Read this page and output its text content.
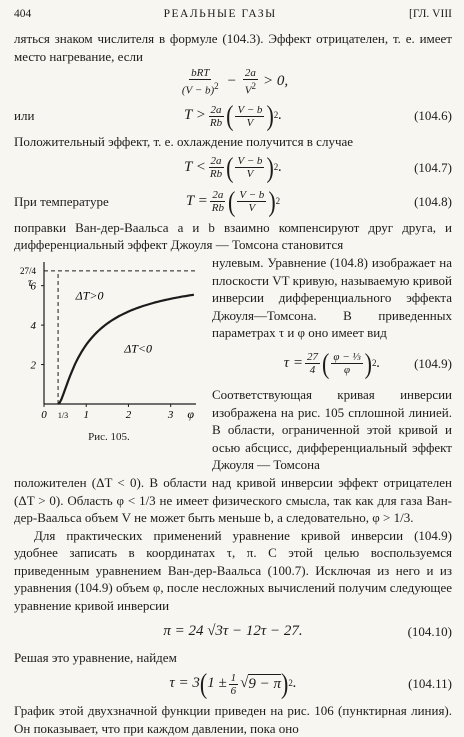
404	РЕАЛЬНЫЕ ГАЗЫ	[ГЛ. VIII

ляться знаком числителя в формуле (104.3). Эффект отрицателен, т. е. имеет место нагревание, если

$\frac{\text{bRT}}{(V - b)^2} - \frac{2a}{V^2} > 0$,
или	$T > \frac{2a}{Rb}$ ( $\frac{V - b}{V}$ ) 2 .	(104.6)

Положительный эффект, т. е. охлаждение получится в случае

$T < \frac{2a}{Rb}$ ( $\frac{V - b}{V}$ ) 2 .	(104.7)
При температуре	$T = \frac{2a}{Rb}$ ( $\frac{V - b}{V}$ ) 2	(104.8)

поправки Ван-дер-Ваальса a и b взаимно компенсируют друг друга, и дифференциальный эффект Джоуля — Томсона становится

2
4
6
27/4
τ
0	1	2	3 φ
1/3
ΔT>0
ΔT<0
Рис. 105.

нулевым. Уравнение (104.8) изображает на плоскости VT кривую, называемую кривой инверсии дифференциального эффекта Джоуля—Томсона. В приведенных параметрах τ и φ оно имеет вид

$\tau = \frac{27}{4}$ ( $\frac{\text{φ − ⅓}}{\varphi}$ ) 2 .	(104.9)

Соответствующая кривая инверсии изображена на рис. 105 сплошной линией. В области, ограниченной этой кривой и осью абсцисс, дифференциальный эффект Джоуля — Томсона

положителен (ΔT < 0). В области над кривой инверсии эффект отрицателен (ΔT > 0). Область φ < 1/3 не имеет физического смысла, так как для газа Ван-дер-Ваальса объем V не может быть меньше b, а следовательно, φ > 1/3.

Для практических применений уравнение кривой инверсии (104.9) удобнее записать в координатах τ, π. С этой целью воспользуемся приведенным уравнением Ван-дер-Ваальса (100.7). Исключая из него и из уравнения (104.9) объем φ, после несложных вычислений получим следующее уравнение кривой инверсии

π = 24 √3τ − 12τ − 27.	(104.10)

Решая это уравнение, найдем

τ = 3 ( $1 \pm \frac{1}{6}$ √ 9 − π ) 2 .	(104.11)

График этой двухзначной функции приведен на рис. 106 (пунктирная линия). Он показывает, что при каждом давлении, пока оно
